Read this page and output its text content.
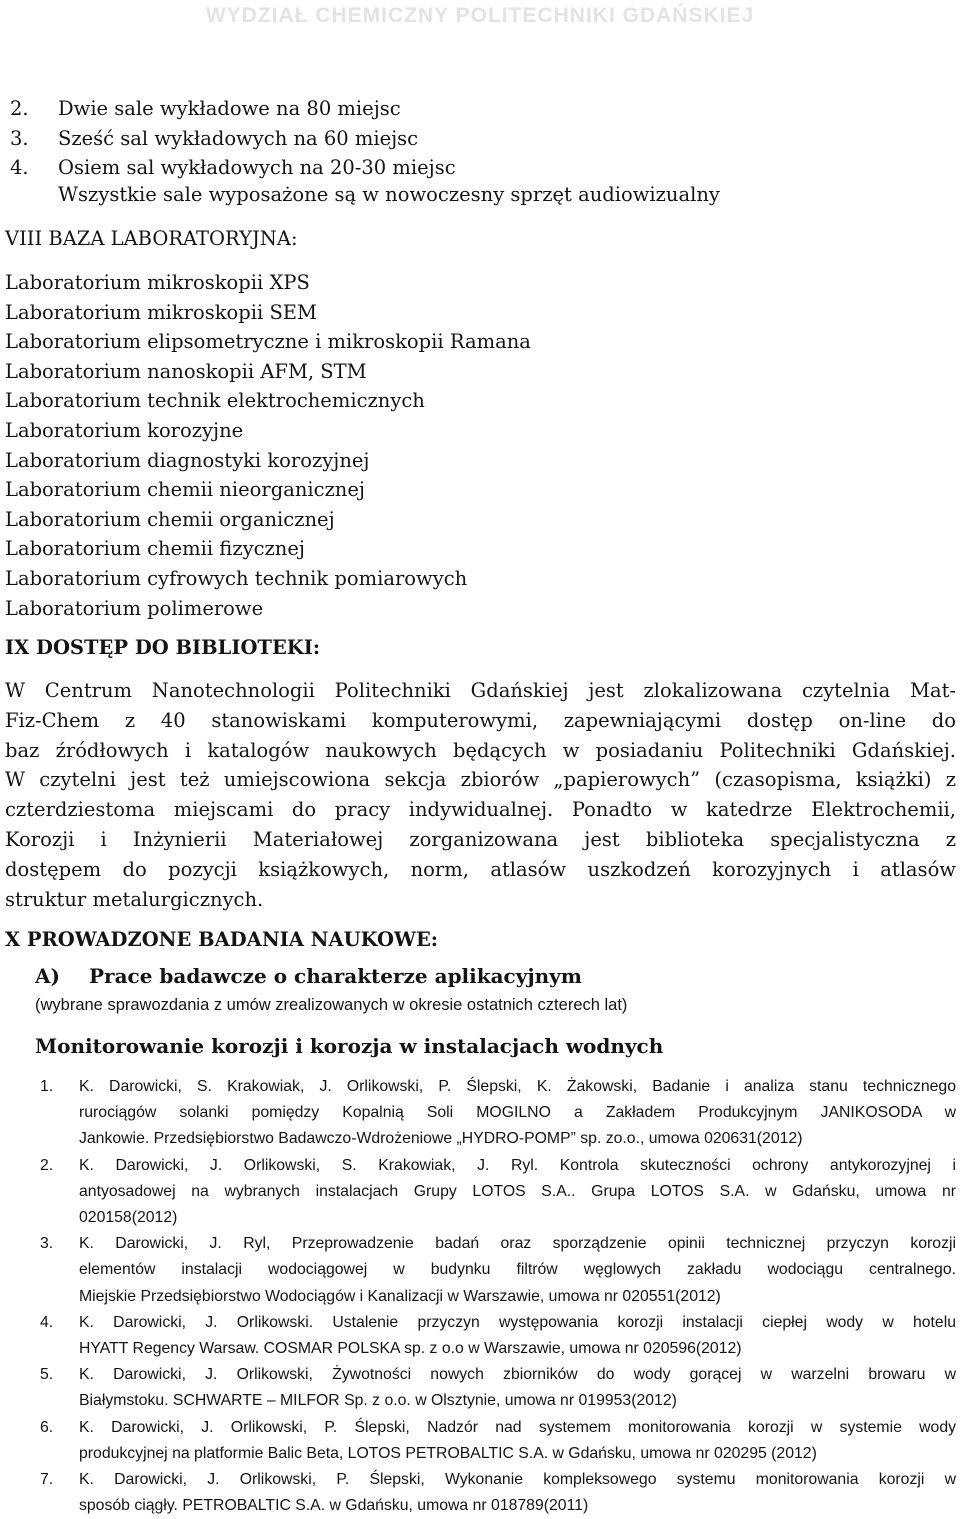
WYDZIAŁ CHEMICZNY POLITECHNIKI GDAŃSKIEJ
2. Dwie sale wykładowe na 80 miejsc
3. Sześć sal wykładowych na 60 miejsc
4. Osiem sal wykładowych na 20-30 miejsc
Wszystkie sale wyposażone są w nowoczesny sprzęt audiowizualny
VIII BAZA LABORATORYJNA:
Laboratorium mikroskopii XPS
Laboratorium mikroskopii SEM
Laboratorium elipsometryczne i mikroskopii Ramana
Laboratorium nanoskopii AFM, STM
Laboratorium technik elektrochemicznych
Laboratorium korozyjne
Laboratorium diagnostyki korozyjnej
Laboratorium chemii nieorganicznej
Laboratorium chemii organicznej
Laboratorium chemii fizycznej
Laboratorium cyfrowych technik pomiarowych
Laboratorium polimerowe
IX DOSTĘP DO BIBLIOTEKI:
W Centrum Nanotechnologii Politechniki Gdańskiej jest zlokalizowana czytelnia Mat-
Fiz-Chem z 40 stanowiskami komputerowymi, zapewniającymi dostęp on-line do
baz źródłowych i katalogów naukowych będących w posiadaniu Politechniki Gdańskiej.
W czytelni jest też umiejscowiona sekcja zbiorów „papierowych” (czasopisma, książki) z
czterdziestoma miejscami do pracy indywidualnej. Ponadto w katedrze Elektrochemii,
Korozji i Inżynierii Materiałowej zorganizowana jest biblioteka specjalistyczna z
dostępem do pozycji książkowych, norm, atlasów uszkodzeń korozyjnych i atlasów
struktur metalurgicznych.
X PROWADZONE BADANIA NAUKOWE:
A) Prace badawcze o charakterze aplikacyjnym
(wybrane sprawozdania z umów zrealizowanych w okresie ostatnich czterech lat)
Monitorowanie korozji i korozja w instalacjach wodnych
1. K. Darowicki, S. Krakowiak, J. Orlikowski, P. Ślepski, K. Żakowski, Badanie i analiza stanu technicznego
rurociągów solanki pomiędzy Kopalnią Soli MOGILNO a Zakładem Produkcyjnym JANIKOSODA w
Jankowie. Przedsiębiorstwo Badawczo-Wdrożeniowe „HYDRO-POMP” sp. zo.o., umowa 020631(2012)
2. K. Darowicki, J. Orlikowski, S. Krakowiak, J. Ryl. Kontrola skuteczności ochrony antykorozyjnej i
antyosadowej na wybranych instalacjach Grupy LOTOS S.A.. Grupa LOTOS S.A. w Gdańsku, umowa nr
020158(2012)
3. K. Darowicki, J. Ryl, Przeprowadzenie badań oraz sporządzenie opinii technicznej przyczyn korozji
elementów instalacji wodociągowej w budynku filtrów węglowych zakładu wodociągu centralnego.
Miejskie Przedsiębiorstwo Wodociągów i Kanalizacji w Warszawie, umowa nr 020551(2012)
4. K. Darowicki, J. Orlikowski. Ustalenie przyczyn występowania korozji instalacji ciepłej wody w hotelu
HYATT Regency Warsaw. COSMAR POLSKA sp. z o.o w Warszawie, umowa nr 020596(2012)
5. K. Darowicki, J. Orlikowski, Żywotności nowych zbiorników do wody gorącej w warzelni browaru w
Białymstoku. SCHWARTE – MILFOR Sp. z o.o. w Olsztynie, umowa nr 019953(2012)
6. K. Darowicki, J. Orlikowski, P. Ślepski, Nadzór nad systemem monitorowania korozji w systemie wody
produkcyjnej na platformie Balic Beta, LOTOS PETROBALTIC S.A. w Gdańsku, umowa nr 020295 (2012)
7. K. Darowicki, J. Orlikowski, P. Ślepski, Wykonanie kompleksowego systemu monitorowania korozji w
sposób ciągły. PETROBALTIC S.A. w Gdańsku, umowa nr 018789(2011)
